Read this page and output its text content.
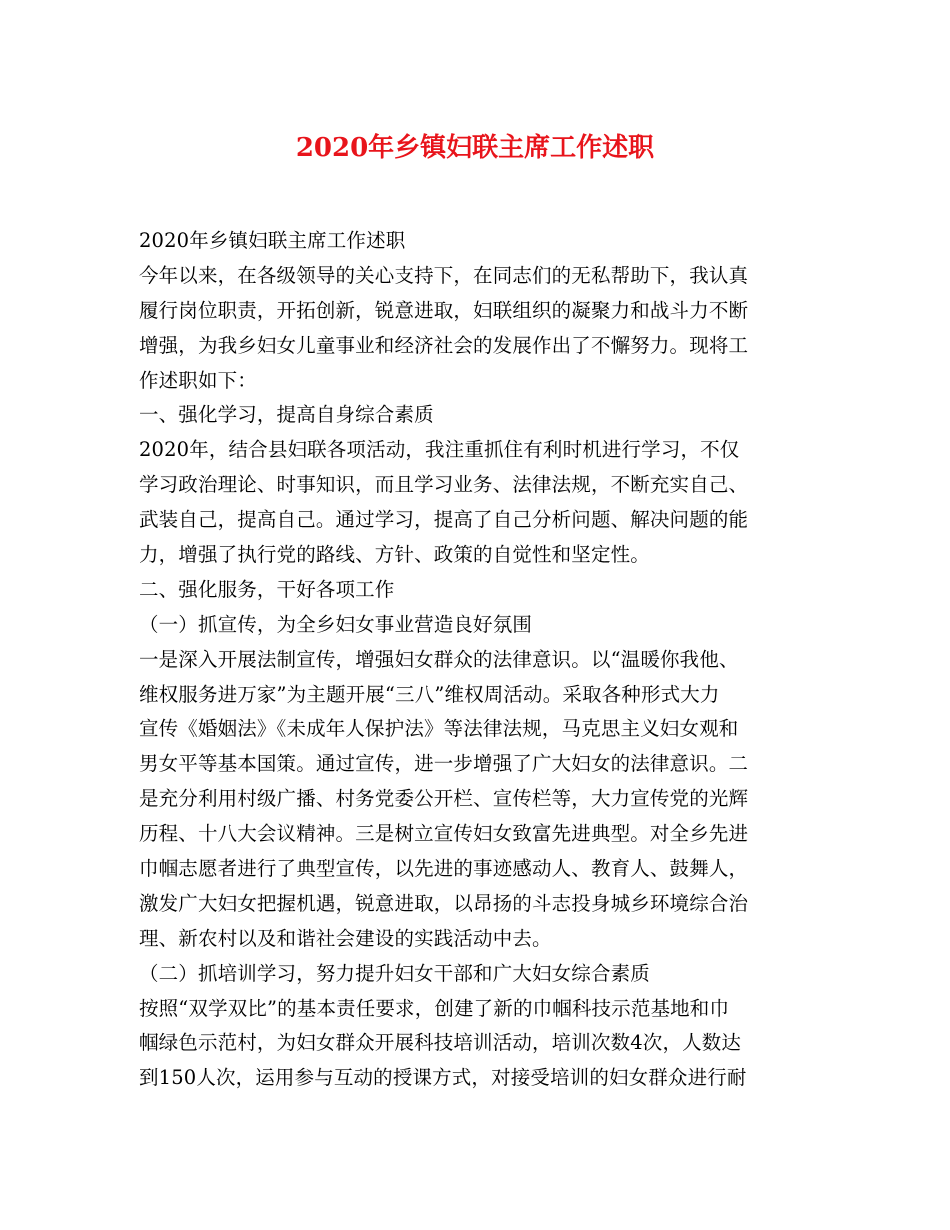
2020年乡镇妇联主席工作述职
2020年乡镇妇联主席工作述职
今年以来，在各级领导的关心支持下，在同志们的无私帮助下，我认真
履行岗位职责，开拓创新，锐意进取，妇联组织的凝聚力和战斗力不断
增强，为我乡妇女儿童事业和经济社会的发展作出了不懈努力。现将工
作述职如下：
一、强化学习，提高自身综合素质
2020年，结合县妇联各项活动，我注重抓住有利时机进行学习，不仅
学习政治理论、时事知识，而且学习业务、法律法规，不断充实自己、
武装自己，提高自己。通过学习，提高了自己分析问题、解决问题的能
力，增强了执行党的路线、方针、政策的自觉性和坚定性。
二、强化服务，干好各项工作
（一）抓宣传，为全乡妇女事业营造良好氛围
一是深入开展法制宣传，增强妇女群众的法律意识。以“温暖你我他、
维权服务进万家”为主题开展“三八”维权周活动。采取各种形式大力
宣传《婚姻法》《未成年人保护法》等法律法规，马克思主义妇女观和
男女平等基本国策。通过宣传，进一步增强了广大妇女的法律意识。二
是充分利用村级广播、村务党委公开栏、宣传栏等，大力宣传党的光辉
历程、十八大会议精神。三是树立宣传妇女致富先进典型。对全乡先进
巾帼志愿者进行了典型宣传，以先进的事迹感动人、教育人、鼓舞人，
激发广大妇女把握机遇，锐意进取，以昂扬的斗志投身城乡环境综合治
理、新农村以及和谐社会建设的实践活动中去。
（二）抓培训学习，努力提升妇女干部和广大妇女综合素质
按照“双学双比”的基本责任要求，创建了新的巾帼科技示范基地和巾
帼绿色示范村，为妇女群众开展科技培训活动，培训次数4次，人数达
到150人次，运用参与互动的授课方式，对接受培训的妇女群众进行耐
